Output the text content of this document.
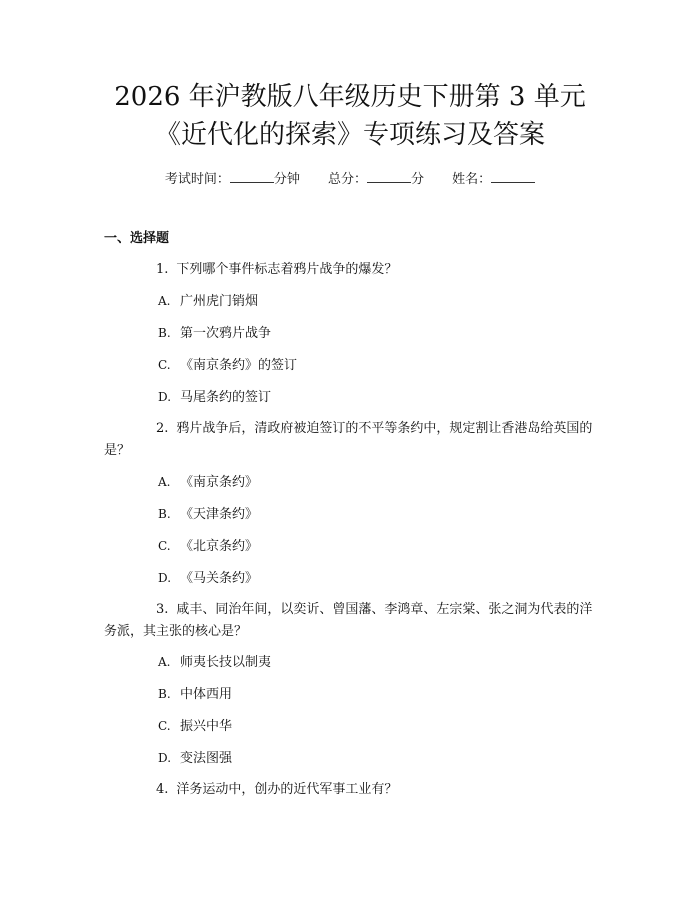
2026 年沪教版八年级历史下册第 3 单元《近代化的探索》专项练习及答案
考试时间：	分钟 总分：	分 姓名：
一、选择题
1. 下列哪个事件标志着鸦片战争的爆发？
A. 广州虎门销烟
B. 第一次鸦片战争
C. 《南京条约》的签订
D. 马尾条约的签订
2. 鸦片战争后，清政府被迫签订的不平等条约中，规定割让香港岛给英国的是？
A. 《南京条约》
B. 《天津条约》
C. 《北京条约》
D. 《马关条约》
3. 咸丰、同治年间，以奕䜣、曾国藩、李鸿章、左宗棠、张之洞为代表的洋务派，其主张的核心是？
A. 师夷长技以制夷
B. 中体西用
C. 振兴中华
D. 变法图强
4. 洋务运动中，创办的近代军事工业有？
